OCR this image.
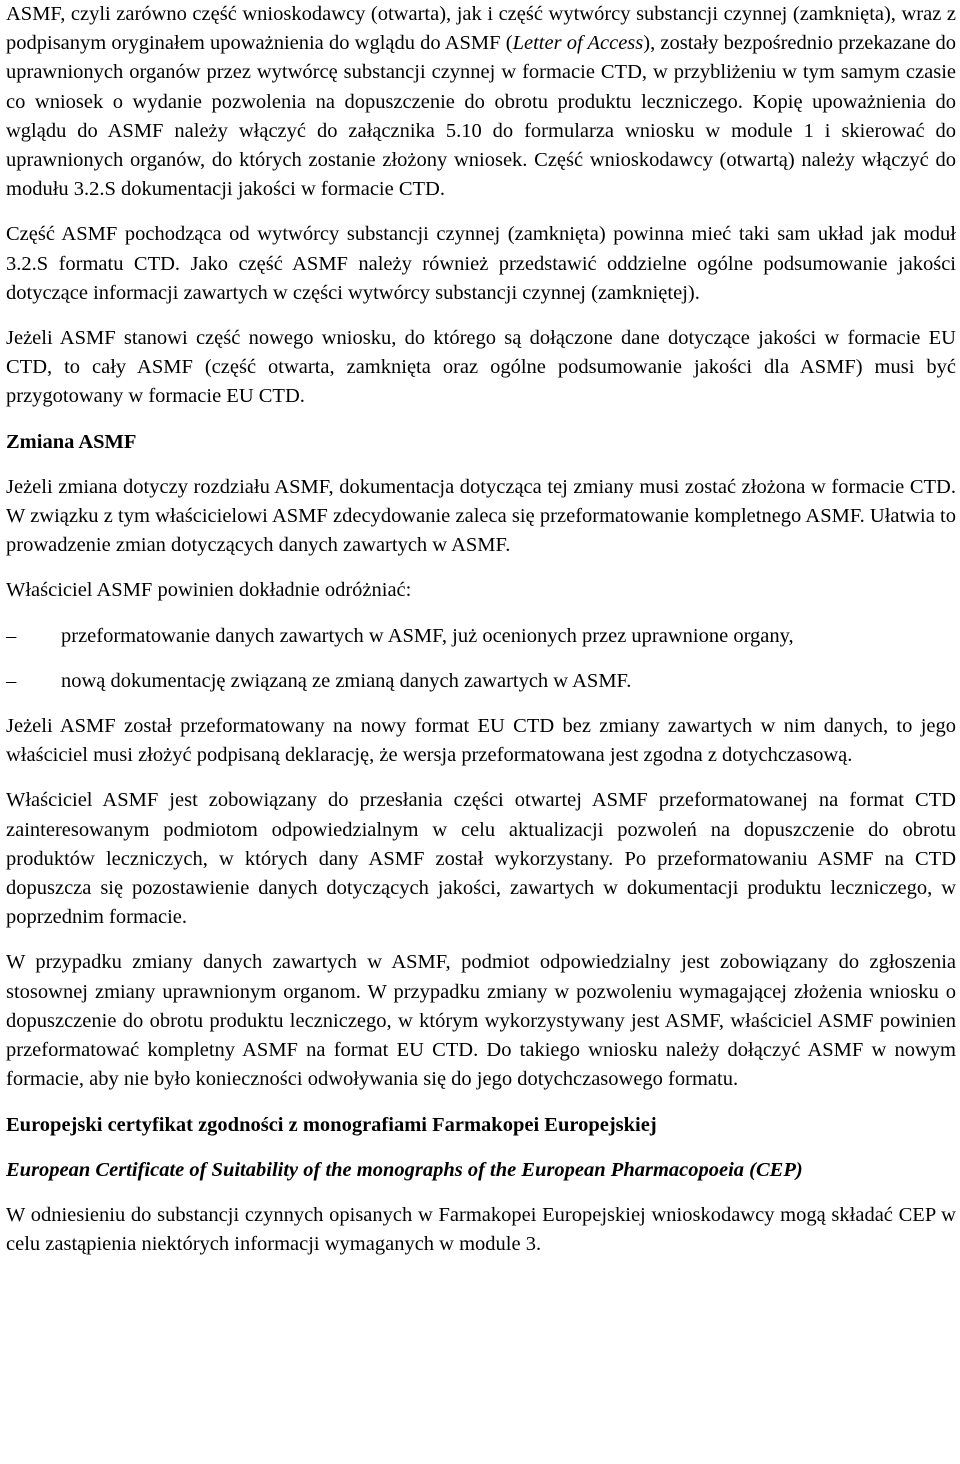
ASMF, czyli zarówno część wnioskodawcy (otwarta), jak i część wytwórcy substancji czynnej (zamknięta), wraz z podpisanym oryginałem upoważnienia do wglądu do ASMF (Letter of Access), zostały bezpośrednio przekazane do uprawnionych organów przez wytwórcę substancji czynnej w formacie CTD, w przybliżeniu w tym samym czasie co wniosek o wydanie pozwolenia na dopuszczenie do obrotu produktu leczniczego. Kopię upoważnienia do wglądu do ASMF należy włączyć do załącznika 5.10 do formularza wniosku w module 1 i skierować do uprawnionych organów, do których zostanie złożony wniosek. Część wnioskodawcy (otwartą) należy włączyć do modułu 3.2.S dokumentacji jakości w formacie CTD.

Część ASMF pochodząca od wytwórcy substancji czynnej (zamknięta) powinna mieć taki sam układ jak moduł 3.2.S formatu CTD. Jako część ASMF należy również przedstawić oddzielne ogólne podsumowanie jakości dotyczące informacji zawartych w części wytwórcy substancji czynnej (zamkniętej).

Jeżeli ASMF stanowi część nowego wniosku, do którego są dołączone dane dotyczące jakości w formacie EU CTD, to cały ASMF (część otwarta, zamknięta oraz ogólne podsumowanie jakości dla ASMF) musi być przygotowany w formacie EU CTD.

Zmiana ASMF

Jeżeli zmiana dotyczy rozdziału ASMF, dokumentacja dotycząca tej zmiany musi zostać złożona w formacie CTD. W związku z tym właścicielowi ASMF zdecydowanie zaleca się przeformatowanie kompletnego ASMF. Ułatwia to prowadzenie zmian dotyczących danych zawartych w ASMF.

Właściciel ASMF powinien dokładnie odróżniać:

–	przeformatowanie danych zawartych w ASMF, już ocenionych przez uprawnione organy,
–	nową dokumentację związaną ze zmianą danych zawartych w ASMF.

Jeżeli ASMF został przeformatowany na nowy format EU CTD bez zmiany zawartych w nim danych, to jego właściciel musi złożyć podpisaną deklarację, że wersja przeformatowana jest zgodna z dotychczasową.

Właściciel ASMF jest zobowiązany do przesłania części otwartej ASMF przeformatowanej na format CTD zainteresowanym podmiotom odpowiedzialnym w celu aktualizacji pozwoleń na dopuszczenie do obrotu produktów leczniczych, w których dany ASMF został wykorzystany. Po przeformatowaniu ASMF na CTD dopuszcza się pozostawienie danych dotyczących jakości, zawartych w dokumentacji produktu leczniczego, w poprzednim formacie.

W przypadku zmiany danych zawartych w ASMF, podmiot odpowiedzialny jest zobowiązany do zgłoszenia stosownej zmiany uprawnionym organom. W przypadku zmiany w pozwoleniu wymagającej złożenia wniosku o dopuszczenie do obrotu produktu leczniczego, w którym wykorzystywany jest ASMF, właściciel ASMF powinien przeformatować kompletny ASMF na format EU CTD. Do takiego wniosku należy dołączyć ASMF w nowym formacie, aby nie było konieczności odwoływania się do jego dotychczasowego formatu.

Europejski certyfikat zgodności z monografiami Farmakopei Europejskiej

European Certificate of Suitability of the monographs of the European Pharmacopoeia (CEP)

W odniesieniu do substancji czynnych opisanych w Farmakopei Europejskiej wnioskodawcy mogą składać CEP w celu zastąpienia niektórych informacji wymaganych w module 3.
